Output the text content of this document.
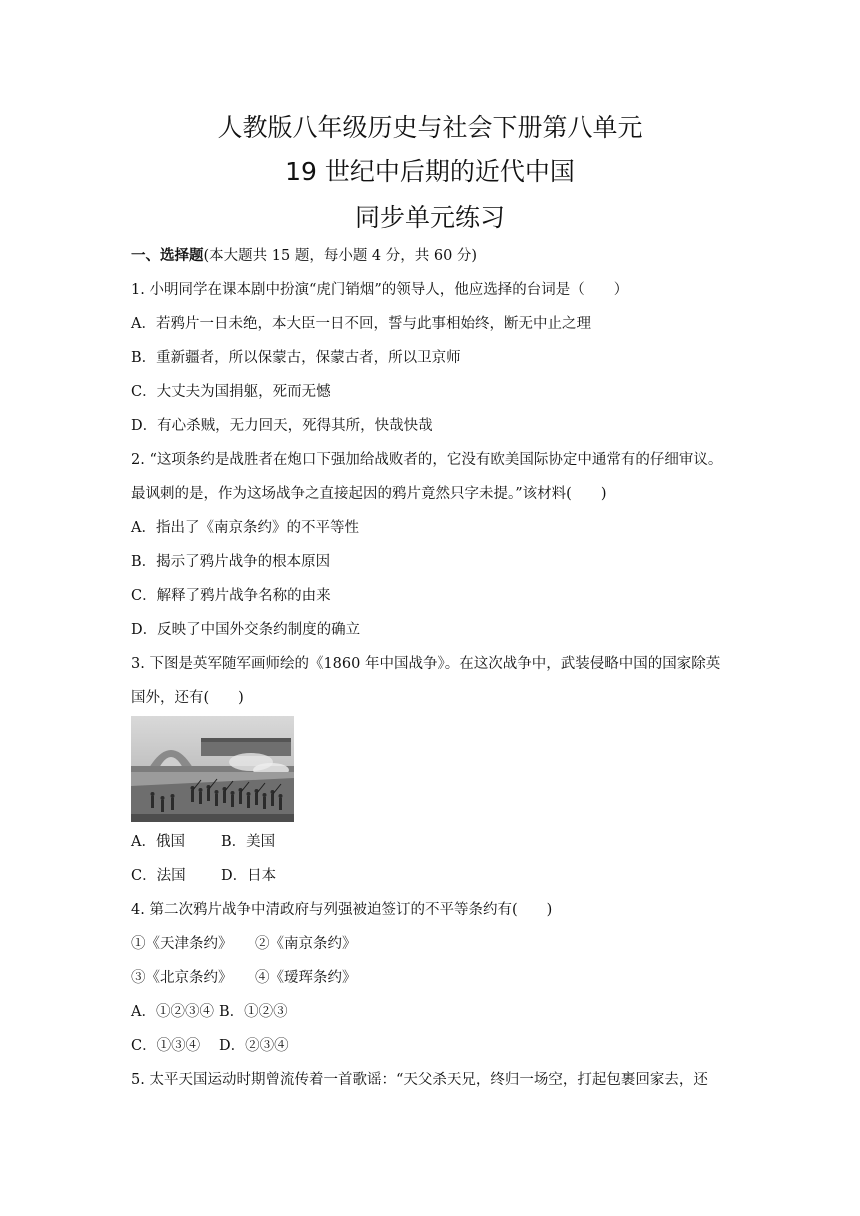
人教版八年级历史与社会下册第八单元
19 世纪中后期的近代中国
同步单元练习
一、选择题(本大题共 15 题，每小题 4 分，共 60 分)
1. 小明同学在课本剧中扮演“虎门销烟”的领导人，他应选择的台词是（　　）
A．若鸦片一日未绝，本大臣一日不回，誓与此事相始终，断无中止之理
B．重新疆者，所以保蒙古，保蒙古者，所以卫京师
C．大丈夫为国捐躯，死而无憾
D．有心杀贼，无力回天，死得其所，快哉快哉
2. “这项条约是战胜者在炮口下强加给战败者的，它没有欧美国际协定中通常有的仔细审议。
最讽刺的是，作为这场战争之直接起因的鸦片竟然只字未提。”该材料(　　)
A．指出了《南京条约》的不平等性
B．揭示了鸦片战争的根本原因
C．解释了鸦片战争名称的由来
D．反映了中国外交条约制度的确立
3. 下图是英军随军画师绘的《1860 年中国战争》。在这次战争中，武装侵略中国的国家除英
国外，还有(　　)
A．俄国 B．美国
C．法国 D．日本
4. 第二次鸦片战争中清政府与列强被迫签订的不平等条约有(　　)
①《天津条约》 ②《南京条约》
③《北京条约》 ④《瑷珲条约》
A．①②③④ B．①②③
C．①③④ D．②③④
5. 太平天国运动时期曾流传着一首歌谣：“天父杀天兄，终归一场空，打起包裹回家去，还
